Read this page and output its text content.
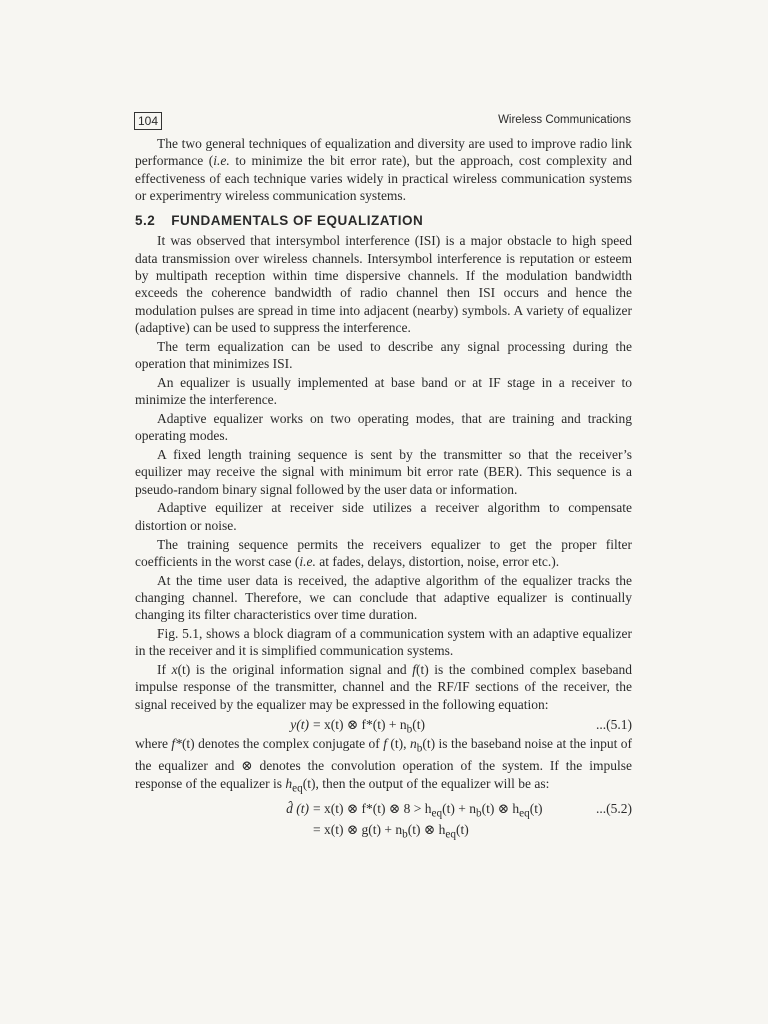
104	Wireless Communications

The two general techniques of equalization and diversity are used to improve radio link performance (i.e. to minimize the bit error rate), but the approach, cost complexity and effectiveness of each technique varies widely in practical wireless communication systems or experimentry wireless communication systems.

5.2 FUNDAMENTALS OF EQUALIZATION

It was observed that intersymbol interference (ISI) is a major obstacle to high speed data transmission over wireless channels. Intersymbol interference is reputation or esteem by multipath reception within time dispersive channels. If the modulation bandwidth exceeds the coherence bandwidth of radio channel then ISI occurs and hence the modulation pulses are spread in time into adjacent (nearby) symbols. A variety of equalizer (adaptive) can be used to suppress the interference.

The term equalization can be used to describe any signal processing during the operation that minimizes ISI.

An equalizer is usually implemented at base band or at IF stage in a receiver to minimize the interference.

Adaptive equalizer works on two operating modes, that are training and tracking operating modes.

A fixed length training sequence is sent by the transmitter so that the receiver’s equilizer may receive the signal with minimum bit error rate (BER). This sequence is a pseudo-random binary signal followed by the user data or information.

Adaptive equilizer at receiver side utilizes a receiver algorithm to compensate distortion or noise.

The training sequence permits the receivers equalizer to get the proper filter coefficients in the worst case (i.e. at fades, delays, distortion, noise, error etc.).

At the time user data is received, the adaptive algorithm of the equalizer tracks the changing channel. Therefore, we can conclude that adaptive equalizer is continually changing its filter characteristics over time duration.

Fig. 5.1, shows a block diagram of a communication system with an adaptive equalizer in the receiver and it is simplified communication systems.

If x(t) is the original information signal and f(t) is the combined complex baseband impulse response of the transmitter, channel and the RF/IF sections of the receiver, the signal received by the equalizer may be expressed in the following equation:

y(t) = x(t) ⊗ $f*(t) + n_b(t)$	...(5.1)

where f*(t) denotes the complex conjugate of f (t), $n_b(t)$ is the baseband noise at the input of the equalizer and ⊗ denotes the convolution operation of the system. If the impulse response of the equalizer is $h_{eq}(t)$, then the output of the equalizer will be as:

d̂ (t) = x(t) ⊗ f*(t) ⊗ $8 > h_{eq}(t) + n_b(t)$ ⊗ $h_{eq}(t)$	...(5.2)
= x(t) ⊗ $g(t) + n_b(t)$ ⊗ $h_{eq}(t)$
